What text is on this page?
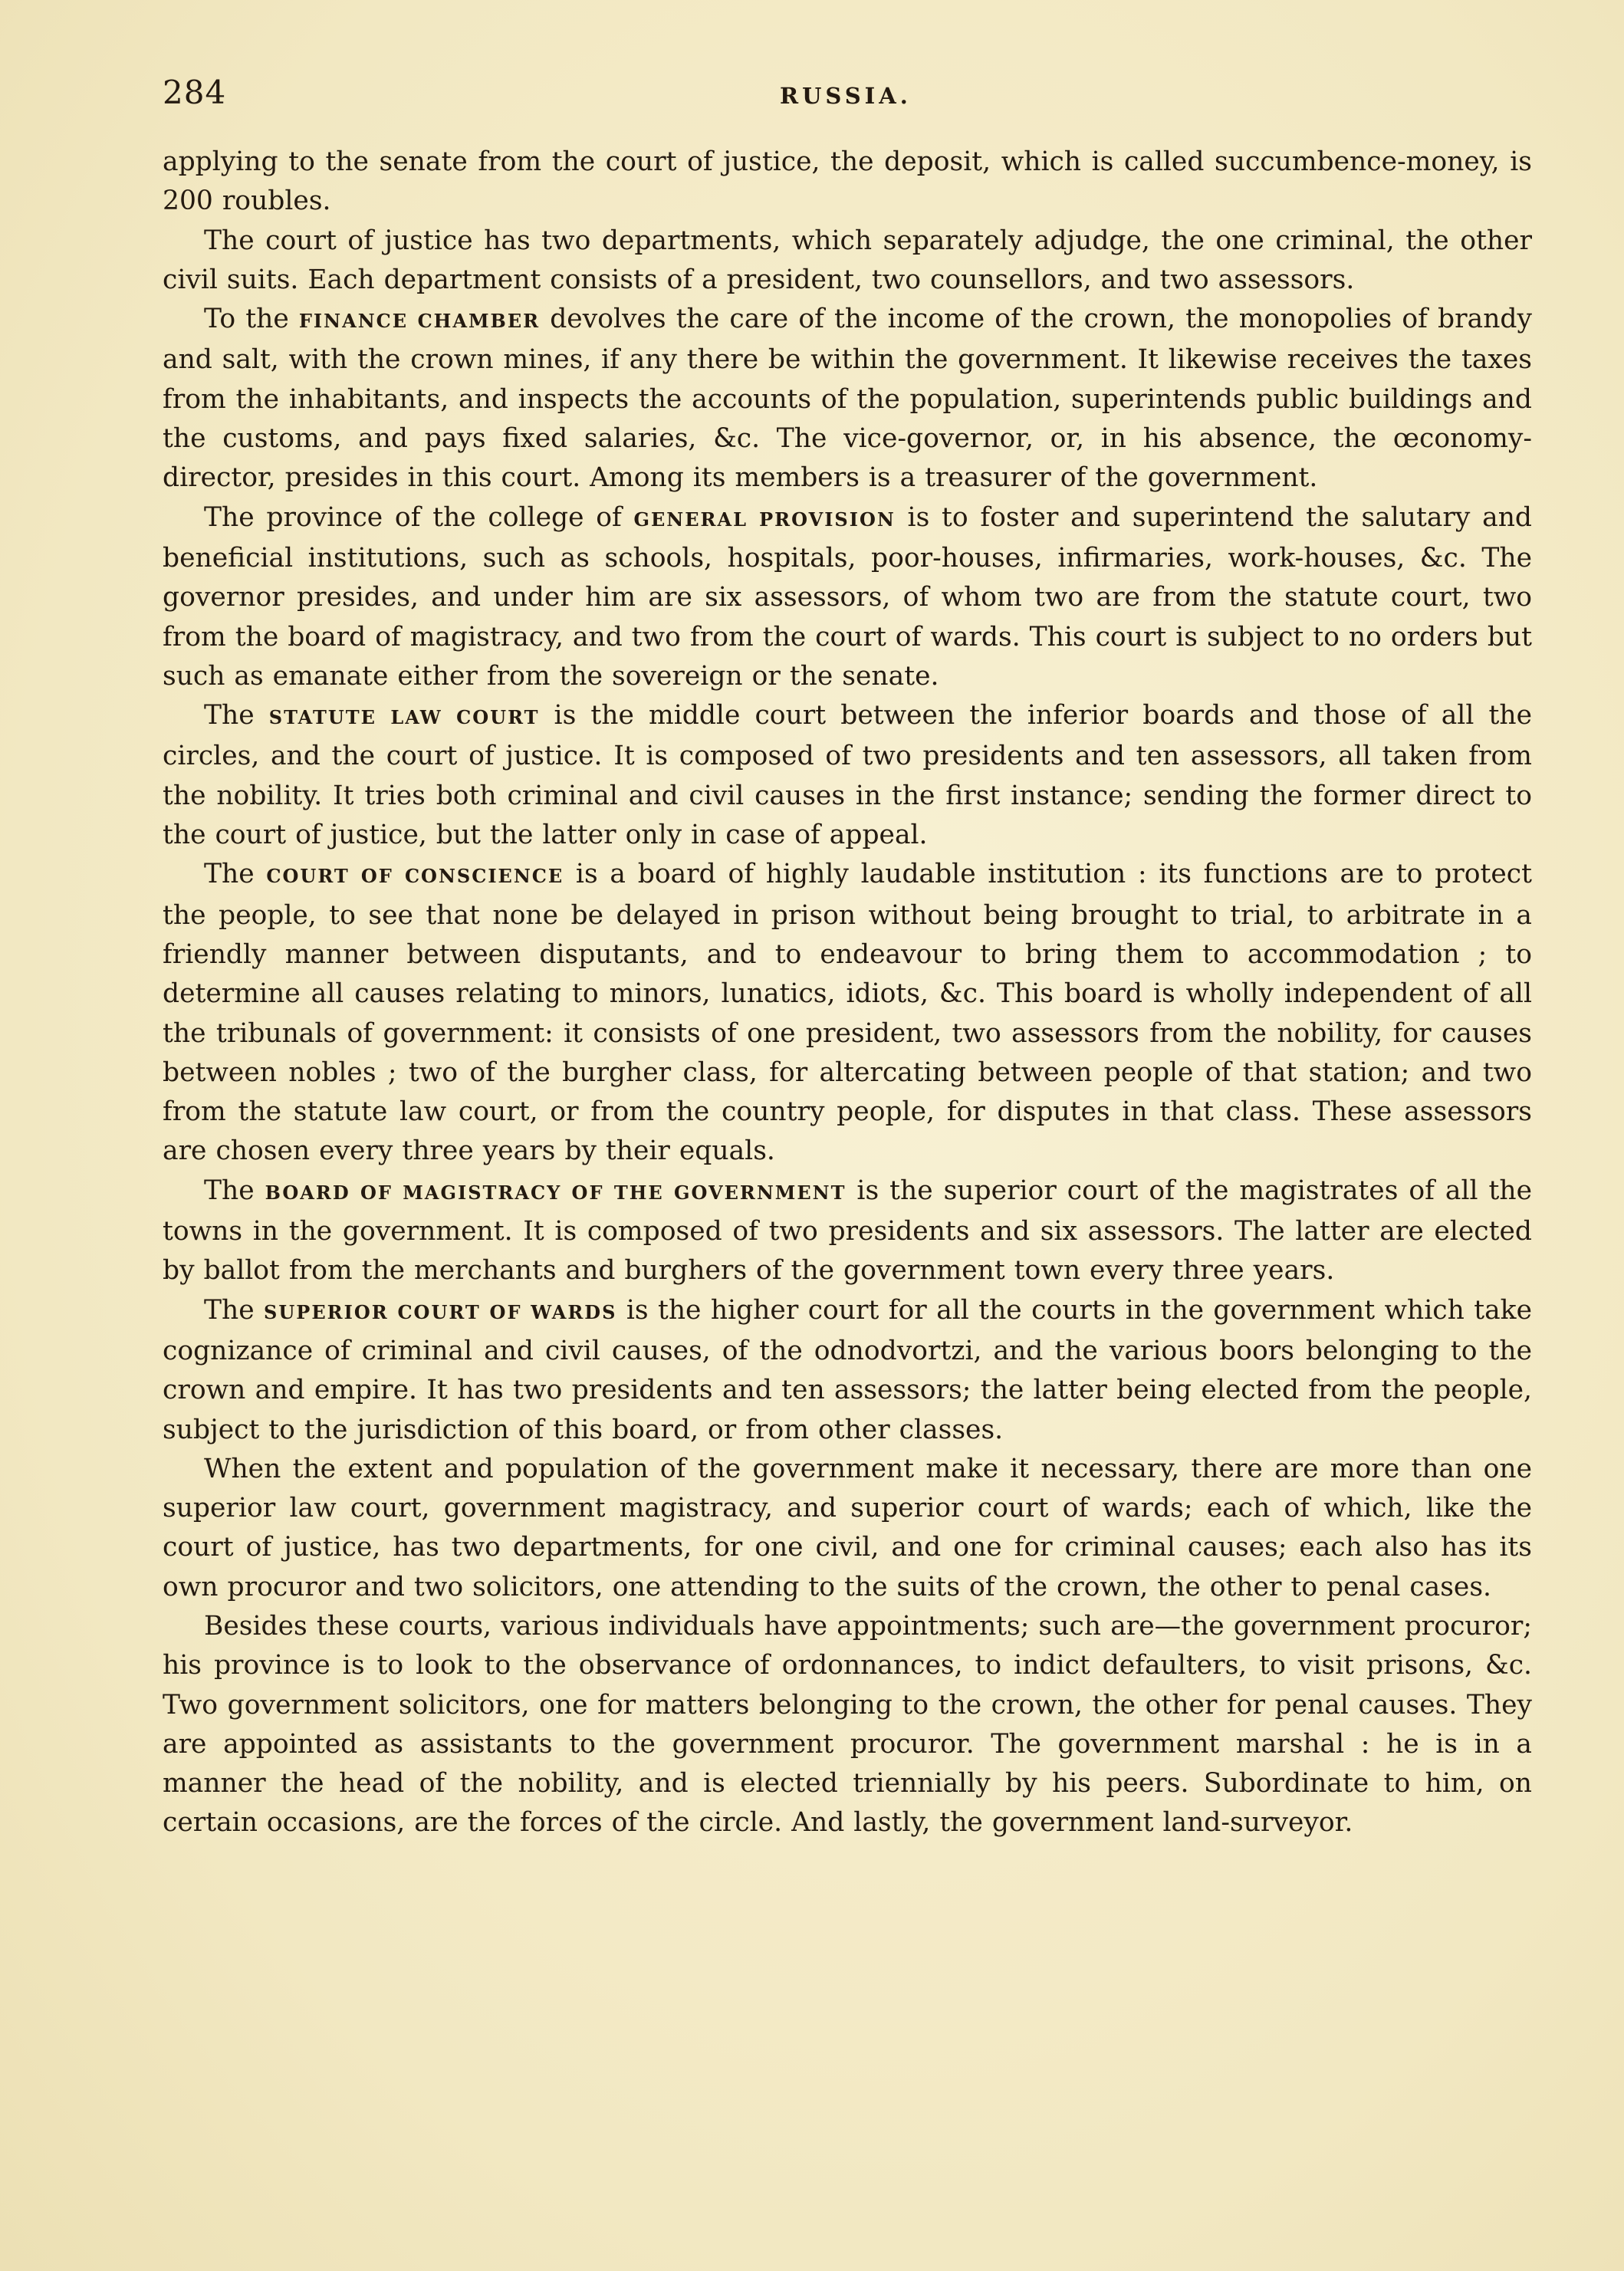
284	RUSSIA.

applying to the senate from the court of justice, the deposit, which is called succumbence-money, is 200 roubles.

The court of justice has two departments, which separately adjudge, the one criminal, the other civil suits. Each department consists of a president, two counsellors, and two assessors.

To the FINANCE CHAMBER devolves the care of the income of the crown, the monopolies of brandy and salt, with the crown mines, if any there be within the government. It likewise receives the taxes from the inhabitants, and inspects the accounts of the population, superintends public buildings and the customs, and pays fixed salaries, &c. The vice-governor, or, in his absence, the œconomy-director, presides in this court. Among its members is a treasurer of the government.

The province of the college of GENERAL PROVISION is to foster and superintend the salutary and beneficial institutions, such as schools, hospitals, poor-houses, infirmaries, work-houses, &c. The governor presides, and under him are six assessors, of whom two are from the statute court, two from the board of magistracy, and two from the court of wards. This court is subject to no orders but such as emanate either from the sovereign or the senate.

The STATUTE LAW COURT is the middle court between the inferior boards and those of all the circles, and the court of justice. It is composed of two presidents and ten assessors, all taken from the nobility. It tries both criminal and civil causes in the first instance; sending the former direct to the court of justice, but the latter only in case of appeal.

The COURT OF CONSCIENCE is a board of highly laudable institution : its functions are to protect the people, to see that none be delayed in prison without being brought to trial, to arbitrate in a friendly manner between disputants, and to endeavour to bring them to accommodation ; to determine all causes relating to minors, lunatics, idiots, &c. This board is wholly independent of all the tribunals of government: it consists of one president, two assessors from the nobility, for causes between nobles ; two of the burgher class, for altercating between people of that station; and two from the statute law court, or from the country people, for disputes in that class. These assessors are chosen every three years by their equals.

The BOARD OF MAGISTRACY OF THE GOVERNMENT is the superior court of the magistrates of all the towns in the government. It is composed of two presidents and six assessors. The latter are elected by ballot from the merchants and burghers of the government town every three years.

The SUPERIOR COURT OF WARDS is the higher court for all the courts in the government which take cognizance of criminal and civil causes, of the odnodvortzi, and the various boors belonging to the crown and empire. It has two presidents and ten assessors; the latter being elected from the people, subject to the jurisdiction of this board, or from other classes.

When the extent and population of the government make it necessary, there are more than one superior law court, government magistracy, and superior court of wards; each of which, like the court of justice, has two departments, for one civil, and one for criminal causes; each also has its own procuror and two solicitors, one attending to the suits of the crown, the other to penal cases.

Besides these courts, various individuals have appointments; such are—the government procuror; his province is to look to the observance of ordonnances, to indict defaulters, to visit prisons, &c. Two government solicitors, one for matters belonging to the crown, the other for penal causes. They are appointed as assistants to the government procuror. The government marshal : he is in a manner the head of the nobility, and is elected triennially by his peers. Subordinate to him, on certain occasions, are the forces of the circle. And lastly, the government land-surveyor.
